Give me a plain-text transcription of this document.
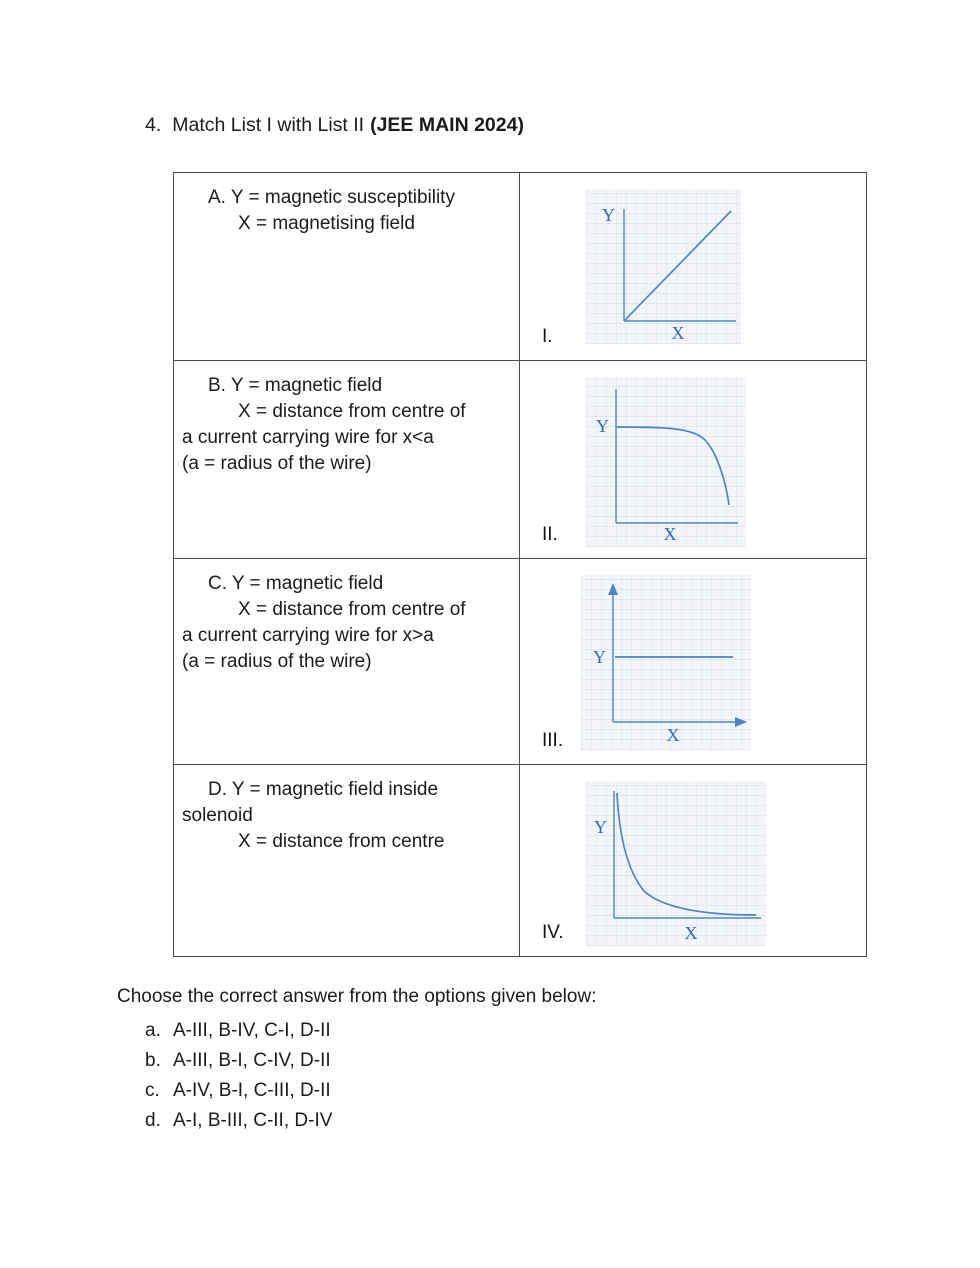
4. Match List I with List II (JEE MAIN 2024)
A. Y = magnetic susceptibility
X = magnetising field

I.
Y
X

B. Y = magnetic field
X = distance from centre of
a current carrying wire for x<a
(a = radius of the wire)

II.
Y
X

C. Y = magnetic field
X = distance from centre of
a current carrying wire for x>a
(a = radius of the wire)

III.
Y
X

D. Y = magnetic field inside
solenoid
X = distance from centre

IV.
Y
X
Choose the correct answer from the options given below:
a. A-III, B-IV, C-I, D-II
b. A-III, B-I, C-IV, D-II
c. A-IV, B-I, C-III, D-II
d. A-I, B-III, C-II, D-IV
